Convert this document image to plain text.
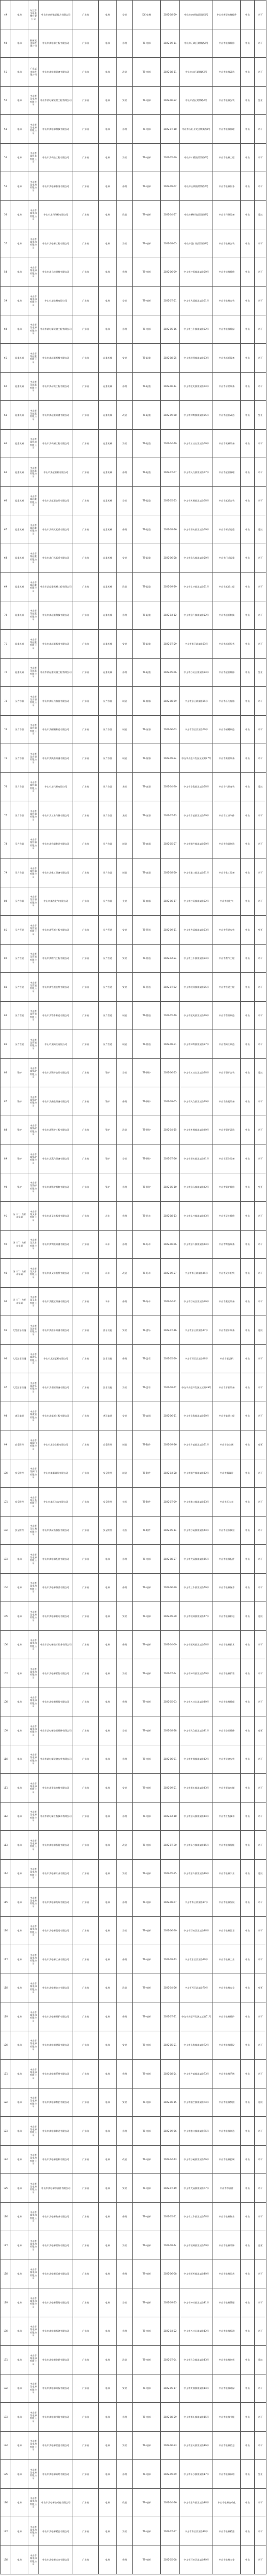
49	电梯	东莞市宝岛电梯有限公司	中山市南朗镇某技术有限公司	广东省	电梯	安装	DC-电梯	2022-08-29	中山市南朗镇某某路1号	中山市新型电梯配件	中山	许可
50	电梯	杭州某电梯有限公司	中山市某电梯工程有限公司	广东省	电梯	修理	TS-电梯	2022-09-14	中山市石岐区某某路2号	中山市电梯维修	中山	许可
51	电梯	广东某电梯有限公司	中山市某电梯设备有限公司	广东省	电梯	改造	TS-电梯	2022-08-11	中山市东区某某路3号	中山市电梯改造	中山	许可
52	电梯	中山市某电梯有限公司	中山市某电梯安装工程有限公司	广东省	电梯	安装	TS-电梯	2022-06-22	中山市西区某某路4号	中山市电梯安装	中山	变更
53	电梯	中山市某电梯有限公司	中山市某电梯科技有限公司	广东省	电梯	修理	TS-电梯	2022-07-18	中山市火炬开发区某某路5号	中山市电梯修理	中山	许可
54	电梯	中山市某机电有限公司	中山市某机电工程有限公司	广东省	电梯	安装	TS-电梯	2022-05-30	中山市小榄镇某某路6号	中山市电梯工程	中山	许可
55	电梯	中山市某电梯有限公司	中山市某电梯服务有限公司	广东省	电梯	修理	TS-电梯	2022-09-02	中山市古镇镇某某路7号	中山市电梯服务	中山	许可
56	电梯	中山市某电梯有限公司	中山市某升降机有限公司	广东省	电梯	改造	TS-电梯	2022-04-27	中山市横栏镇某某路8号	中山市升降设备	中山	延续
57	电梯	中山市某电梯有限公司	中山市某电梯工程有限公司	广东省	电梯	安装	TS-电梯	2022-08-05	中山市港口镇某某路9号	中山市电梯安装	中山	许可
58	电梯	中山市某电梯有限公司	中山市某自动扶梯有限公司	广东省	电梯	修理	TS-电梯	2022-06-09	中山市沙溪镇某某路10号	中山市扶梯维修	中山	许可
59	电梯	中山市某电梯有限公司	中山市某电梯有限公司	广东省	电梯	安装	TS-电梯	2022-07-21	中山市大涌镇某某路11号	中山市电梯安装	中山	许可
60	电梯	中山市某电梯有限公司	中山市某电梯设备工程有限公司	广东省	电梯	修理	TS-电梯	2022-05-16	中山市三乡镇某某路12号	中山市电梯维保	中山	许可
61	起重机械	中山市某起重有限公司	中山市某起重机械有限公司	广东省	起重机械	安装	TS-起重	2022-08-25	中山市坦洲镇某某路13号	中山市起重设备	中山	许可
62	起重机械	中山市某起重有限公司	中山市某吊装工程有限公司	广东省	起重机械	修理	TS-起重	2022-06-14	中山市板芙镇某某路14号	中山市吊装设备	中山	许可
63	起重机械	中山市某起重有限公司	中山市某起重设备有限公司	广东省	起重机械	改造	TS-起重	2022-09-08	中山市神湾镇某某路15号	中山市起重改造	中山	变更
64	起重机械	中山市某机械有限公司	中山市某机械工程有限公司	广东省	起重机械	安装	TS-起重	2022-04-19	中山市五桂山某某路16号	中山市机械设备	中山	许可
65	起重机械	中山市某起重有限公司	中山市某起重机有限公司	广东省	起重机械	修理	TS-起重	2022-07-07	中山市民众镇某某路17号	中山市起重修理	中山	许可
66	起重机械	中山市某起重有限公司	中山市某起重安装有限公司	广东省	起重机械	安装	TS-起重	2022-05-23	中山市黄圃镇某某路18号	中山市起重安装	中山	许可
67	起重机械	中山市某起重有限公司	中山市某桥式起重有限公司	广东省	起重机械	修理	TS-起重	2022-08-16	中山市南头镇某某路19号	中山市桥式起重	中山	延续
68	起重机械	中山市某起重有限公司	中山市某门式起重有限公司	广东省	起重机械	安装	TS-起重	2022-06-28	中山市东凤镇某某路20号	中山市门式起重	中山	许可
69	起重机械	中山市某起重有限公司	中山市某起重机械工程有限公司	广东省	起重机械	改造	TS-起重	2022-09-19	中山市阜沙镇某某路21号	中山市起重工程	中山	许可
70	起重机械	中山市某起重有限公司	中山市某起重科技有限公司	广东省	起重机械	修理	TS-起重	2022-04-12	中山市东升镇某某路22号	中山市起重科技	中山	许可
71	起重机械	中山市某起重有限公司	中山市某起重服务有限公司	广东省	起重机械	安装	TS-起重	2022-07-29	中山市南区某某路23号	中山市起重服务	中山	许可
72	起重机械	中山市某起重有限公司	中山市某起重设备工程有限公司	广东省	起重机械	修理	TS-起重	2022-05-06	中山市石岐区某某路24号	中山市起重维修	中山	变更
73	压力容器	中山市某容器有限公司	中山市某压力容器有限公司	广东省	压力容器	制造	TS-容器	2022-08-09	中山市东区某某路25号	中山市压力容器	中山	许可
74	压力容器	中山市某容器有限公司	中山市某储罐制造有限公司	广东省	压力容器	制造	TS-容器	2022-06-03	中山市西区某某路26号	中山市储罐制造	中山	许可
75	压力容器	中山市某容器有限公司	中山市某换热设备有限公司	广东省	压力容器	制造	TS-容器	2022-09-24	中山市火炬开发区某某路27号	中山市换热设备	中山	许可
76	压力容器	中山市某容器有限公司	中山市某气瓶有限公司	广东省	压力容器	充装	TS-容器	2022-04-30	中山市小榄镇某某路28号	中山市气瓶充装	中山	延续
77	压力容器	中山市某容器有限公司	中山市某工业气体有限公司	广东省	压力容器	充装	TS-容器	2022-07-13	中山市古镇镇某某路29号	中山市工业气体	中山	许可
78	压力容器	中山市某容器有限公司	中山市某容器制造有限公司	广东省	压力容器	制造	TS-容器	2022-05-27	中山市横栏镇某某路30号	中山市容器制造	中山	许可
79	压力容器	中山市某容器有限公司	中山市某化工设备有限公司	广东省	压力容器	制造	TS-容器	2022-08-20	中山市港口镇某某路31号	中山市化工设备	中山	许可
80	压力容器	中山市某容器有限公司	中山市某液化气有限公司	广东省	压力容器	充装	TS-容器	2022-06-17	中山市沙溪镇某某路32号	中山市液化气	中山	许可
81	压力管道	中山市某管道有限公司	中山市某管道工程有限公司	广东省	压力管道	安装	TS-管道	2022-09-11	中山市大涌镇某某路33号	中山市管道安装	中山	变更
82	压力管道	中山市某管道有限公司	中山市某燃气工程有限公司	广东省	压力管道	安装	TS-管道	2022-04-24	中山市三乡镇某某路34号	中山市燃气工程	中山	许可
83	压力管道	中山市某管道有限公司	中山市某管道安装有限公司	广东省	压力管道	安装	TS-管道	2022-07-02	中山市坦洲镇某某路35号	中山市管道工程	中山	许可
84	压力管道	中山市某管道有限公司	中山市某管件制造有限公司	广东省	压力管道	制造	TS-管道	2022-05-19	中山市板芙镇某某路36号	中山市管件制造	中山	许可
85	压力管道	中山市某管道有限公司	中山市某阀门有限公司	广东省	压力管道	制造	TS-管道	2022-08-31	中山市神湾镇某某路37号	中山市阀门制造	中山	许可
86	锅炉	中山市某锅炉有限公司	中山市某锅炉安装有限公司	广东省	锅炉	安装	TS-锅炉	2022-06-25	中山市五桂山某某路38号	中山市锅炉安装	中山	延续
87	锅炉	中山市某锅炉有限公司	中山市某热能设备有限公司	广东省	锅炉	修理	TS-锅炉	2022-09-05	中山市民众镇某某路39号	中山市热能设备	中山	许可
88	锅炉	中山市某锅炉有限公司	中山市某锅炉工程有限公司	广东省	锅炉	改造	TS-锅炉	2022-04-15	中山市黄圃镇某某路40号	中山市锅炉改造	中山	许可
89	锅炉	中山市某锅炉有限公司	中山市某蒸汽设备有限公司	广东省	锅炉	安装	TS-锅炉	2022-07-26	中山市南头镇某某路41号	中山市蒸汽设备	中山	许可
90	锅炉	中山市某锅炉有限公司	中山市某锅炉维修有限公司	广东省	锅炉	修理	TS-锅炉	2022-05-10	中山市东凤镇某某路42号	中山市锅炉维修	中山	变更
91	场（厂）内机动车辆	中山市某叉车有限公司	中山市某叉车服务有限公司	广东省	场车	修理	TS-场车	2022-08-13	中山市阜沙镇某某路43号	中山市叉车维修	中山	许可
92	场（厂）内机动车辆	中山市某叉车有限公司	中山市某物流设备有限公司	广东省	场车	修理	TS-场车	2022-06-06	中山市东升镇某某路44号	中山市物流设备	中山	许可
93	场（厂）内机动车辆	中山市某叉车有限公司	中山市某叉车租赁有限公司	广东省	场车	改造	TS-场车	2022-09-27	中山市南区某某路45号	中山市叉车租赁	中山	许可
94	场（厂）内机动车辆	中山市某叉车有限公司	中山市某搬运设备有限公司	广东省	场车	修理	TS-场车	2022-04-21	中山市石岐区某某路46号	中山市搬运设备	中山	许可
95	大型游乐设施	中山市某游乐有限公司	中山市某游乐设备有限公司	广东省	游乐设施	安装	TS-游乐	2022-07-16	中山市东区某某路47号	中山市游乐设备	中山	延续
96	大型游乐设施	中山市某游乐有限公司	中山市某游艺机有限公司	广东省	游乐设施	修理	TS-游乐	2022-05-29	中山市西区某某路48号	中山市游艺机	中山	许可
97	大型游乐设施	中山市某游乐有限公司	中山市某乐园设备有限公司	广东省	游乐设施	安装	TS-游乐	2022-08-22	中山市火炬开发区某某路49号	中山市乐园设备	中山	许可
98	客运索道	中山市某索道有限公司	中山市某索道工程有限公司	广东省	客运索道	安装	TS-索道	2022-06-11	中山市小榄镇某某路50号	中山市索道工程	中山	许可
99	安全附件	中山市某阀门有限公司	中山市某安全阀有限公司	广东省	安全附件	制造	TS-附件	2022-09-16	中山市古镇镇某某路51号	中山市安全阀	中山	变更
100	安全附件	中山市某阀门有限公司	中山市某爆破片有限公司	广东省	安全附件	制造	TS-附件	2022-04-28	中山市横栏镇某某路52号	中山市爆破片	中山	许可
101	安全附件	中山市某仪表有限公司	中山市某压力表有限公司	广东省	安全附件	校验	TS-附件	2022-07-09	中山市港口镇某某路53号	中山市压力表	中山	许可
102	安全附件	中山市某仪表有限公司	中山市某仪表校验有限公司	广东省	安全附件	校验	TS-附件	2022-05-14	中山市沙溪镇某某路54号	中山市仪表校验	中山	许可
103	电梯	中山市某电梯有限公司	中山市某电梯配件有限公司	广东省	电梯	修理	TS-电梯	2022-08-27	中山市大涌镇某某路55号	中山市电梯配件	中山	许可
104	电梯	中山市某电梯有限公司	中山市某电梯保养有限公司	广东省	电梯	修理	TS-电梯	2022-06-20	中山市三乡镇某某路56号	中山市电梯保养	中山	许可
105	电梯	中山市某电梯有限公司	中山市某电梯机电有限公司	广东省	电梯	安装	TS-电梯	2022-09-30	中山市坦洲镇某某路57号	中山市电梯机电	中山	延续
106	电梯	中山市某电梯有限公司	中山市某电梯技术服务有限公司	广东省	电梯	修理	TS-电梯	2022-04-09	中山市板芙镇某某路58号	中山市电梯技术	中山	许可
107	电梯	中山市某电梯有限公司	中山市某电梯销售有限公司	广东省	电梯	安装	TS-电梯	2022-07-24	中山市神湾镇某某路59号	中山市电梯销售	中山	许可
108	电梯	中山市某电梯有限公司	中山市某电梯维保有限公司	广东省	电梯	修理	TS-电梯	2022-05-03	中山市五桂山某某路60号	中山市电梯维保	中山	许可
109	电梯	中山市某电梯有限公司	中山市某电梯安装维修有限公司	广东省	电梯	安装	TS-电梯	2022-08-18	中山市民众镇某某路61号	中山市安装维修	中山	变更
110	电梯	中山市某电梯有限公司	中山市某电梯设备安装有限公司	广东省	电梯	修理	TS-电梯	2022-06-01	中山市黄圃镇某某路62号	中山市设备安装	中山	许可
111	电梯	中山市某电梯有限公司	中山市某垂直电梯有限公司	广东省	电梯	安装	TS-电梯	2022-09-21	中山市南头镇某某路63号	中山市垂直电梯	中山	许可
112	电梯	中山市某电梯有限公司	中山市某电梯工程技术有限公司	广东省	电梯	修理	TS-电梯	2022-04-18	中山市东凤镇某某路64号	中山市工程技术	中山	许可
113	电梯	中山市某电梯有限公司	中山市某电梯智能有限公司	广东省	电梯	改造	TS-电梯	2022-07-30	中山市阜沙镇某某路65号	中山市电梯智能	中山	许可
114	电梯	中山市某电梯有限公司	中山市某电梯实业有限公司	广东省	电梯	安装	TS-电梯	2022-05-25	中山市东升镇某某路66号	中山市电梯实业	中山	延续
115	电梯	中山市某电梯有限公司	中山市某电梯发展有限公司	广东省	电梯	修理	TS-电梯	2022-08-07	中山市南区某某路67号	中山市电梯发展	中山	许可
116	电梯	中山市某电梯有限公司	中山市某电梯贸易有限公司	广东省	电梯	安装	TS-电梯	2022-06-30	中山市石岐区某某路68号	中山市电梯贸易	中山	许可
117	电梯	中山市某电梯有限公司	中山市某电梯工业有限公司	广东省	电梯	修理	TS-电梯	2022-09-13	中山市东区某某路69号	中山市电梯工业	中山	许可
118	电梯	中山市某电梯有限公司	中山市某电梯安全有限公司	广东省	电梯	改造	TS-电梯	2022-04-26	中山市西区某某路70号	中山市电梯安全	中山	变更
119	电梯	中山市某电梯有限公司	中山市某电梯维护有限公司	广东省	电梯	修理	TS-电梯	2022-07-11	中山市火炬开发区某某路71号	中山市电梯维护	中山	许可
120	电梯	中山市某电梯有限公司	中山市某电梯建设有限公司	广东省	电梯	安装	TS-电梯	2022-05-21	中山市小榄镇某某路72号	中山市电梯建设	中山	许可
121	电梯	中山市某电梯有限公司	中山市某电梯系统有限公司	广东省	电梯	修理	TS-电梯	2022-08-24	中山市古镇镇某某路73号	中山市电梯系统	中山	许可
122	电梯	中山市某电梯有限公司	中山市某电梯集团有限公司	广东省	电梯	安装	TS-电梯	2022-06-15	中山市横栏镇某某路74号	中山市电梯集团	中山	延续
123	电梯	中山市某电梯有限公司	中山市某电梯制造有限公司	广东省	电梯	修理	TS-电梯	2022-09-06	中山市港口镇某某路75号	中山市电梯制造	中山	许可
124	电梯	中山市某电梯有限公司	中山市某电梯控制有限公司	广东省	电梯	改造	TS-电梯	2022-04-13	中山市沙溪镇某某路76号	中山市电梯控制	中山	许可
125	电梯	中山市某电梯有限公司	中山市某电梯零部件有限公司	广东省	电梯	安装	TS-电梯	2022-07-19	中山市大涌镇某某路77号	中山市零部件	中山	许可
126	电梯	中山市某电梯有限公司	中山市某电梯物业有限公司	广东省	电梯	修理	TS-电梯	2022-05-31	中山市三乡镇某某路78号	中山市电梯物业	中山	许可
127	电梯	中山市某电梯有限公司	中山市某电梯装饰有限公司	广东省	电梯	安装	TS-电梯	2022-08-14	中山市坦洲镇某某路79号	中山市电梯装饰	中山	变更
128	电梯	中山市某电梯有限公司	中山市某电梯运营有限公司	广东省	电梯	修理	TS-电梯	2022-06-08	中山市板芙镇某某路80号	中山市电梯运营	中山	许可
129	电梯	中山市某电梯有限公司	中山市某电梯管理有限公司	广东省	电梯	安装	TS-电梯	2022-09-25	中山市神湾镇某某路81号	中山市电梯管理	中山	许可
130	电梯	中山市某电梯有限公司	中山市某电梯检测有限公司	广东省	电梯	修理	TS-电梯	2022-04-22	中山市五桂山某某路82号	中山市电梯检测	中山	许可
131	电梯	中山市某电梯有限公司	中山市某电梯创新有限公司	广东省	电梯	改造	TS-电梯	2022-07-04	中山市民众镇某某路83号	中山市电梯创新	中山	延续
132	电梯	中山市某电梯有限公司	中山市某电梯环保有限公司	广东省	电梯	安装	TS-电梯	2022-05-17	中山市黄圃镇某某路84号	中山市电梯环保	中山	许可
133	电梯	中山市某电梯有限公司	中山市某电梯节能有限公司	广东省	电梯	修理	TS-电梯	2022-08-29	中山市南头镇某某路85号	中山市电梯节能	中山	许可
134	电梯	中山市某电梯有限公司	中山市某电梯信息有限公司	广东省	电梯	安装	TS-电梯	2022-06-23	中山市东凤镇某某路86号	中山市电梯信息	中山	许可
135	电梯	中山市某电梯有限公司	中山市某电梯网络有限公司	广东省	电梯	修理	TS-电梯	2022-09-09	中山市阜沙镇某某路87号	中山市电梯网络	中山	变更
136	电梯	中山市某电梯有限公司	中山市某电梯自动化有限公司	广东省	电梯	改造	TS-电梯	2022-04-16	中山市东升镇某某路88号	中山市电梯自动化	中山	许可
137	电梯	中山市某电梯有限公司	中山市某电梯精密有限公司	广东省	电梯	安装	TS-电梯	2022-07-27	中山市南区某某路89号	中山市电梯精密	中山	许可
138	电梯	中山市某电梯有限公司	中山市某电梯五金有限公司	广东省	电梯	修理	TS-电梯	2022-05-08	中山市石岐区某某路90号	中山市电梯五金	中山	许可
